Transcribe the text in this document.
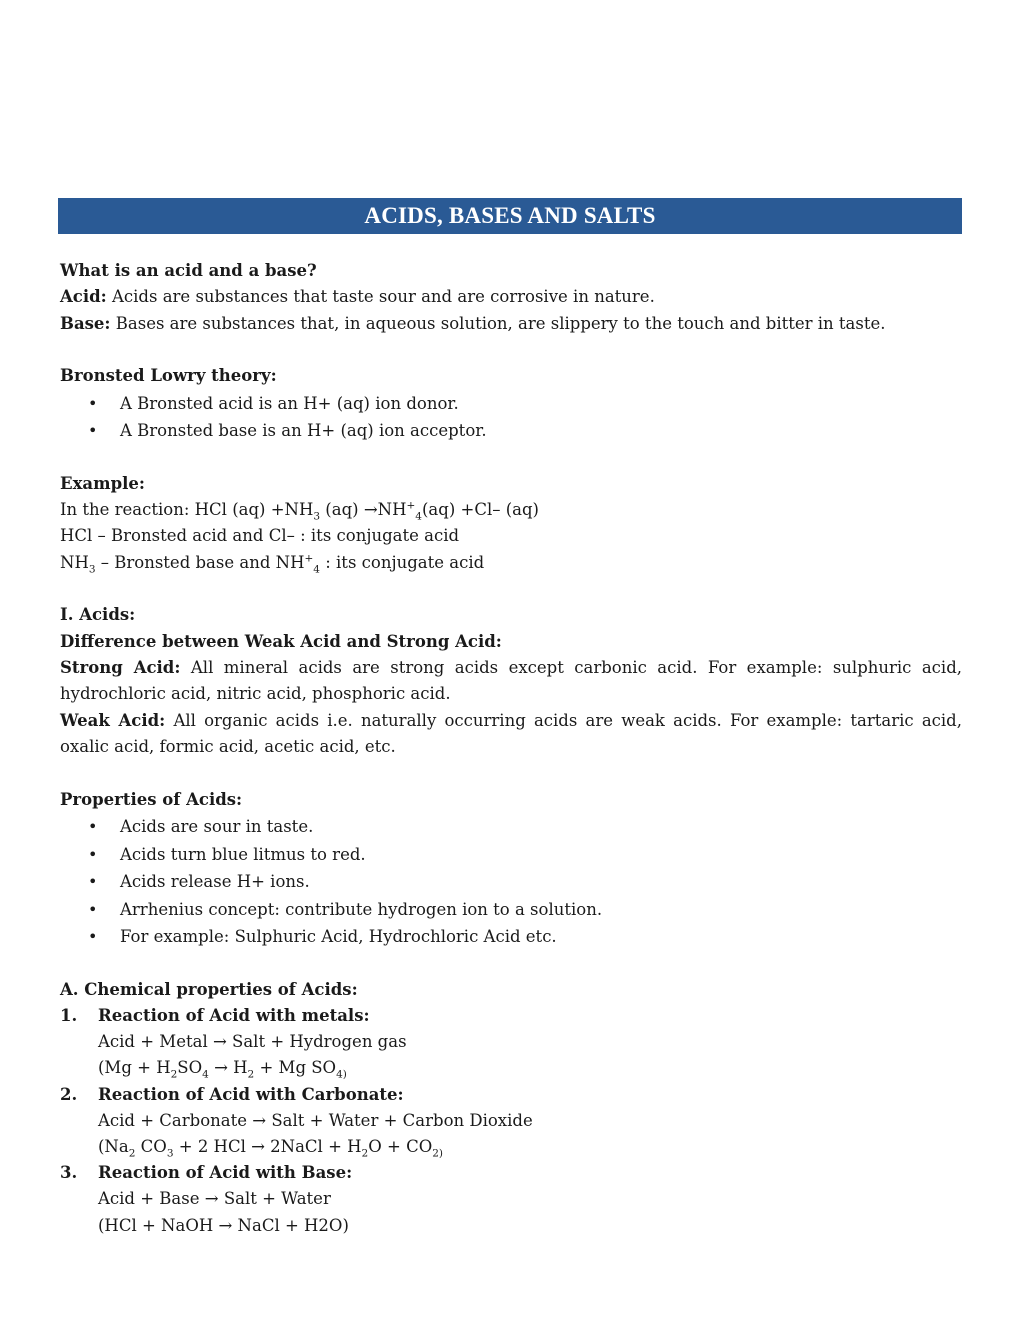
ACIDS, BASES AND SALTS

What is an acid and a base?

Acid: Acids are substances that taste sour and are corrosive in nature.

Base: Bases are substances that, in aqueous solution, are slippery to the touch and bitter in taste.

Bronsted Lowry theory:

• A Bronsted acid is an H+ (aq) ion donor.
• A Bronsted base is an H+ (aq) ion acceptor.

Example:

In the reaction: HCl $(aq) +NH_3$ $(aq) \to NH^+_4(aq) +Cl-$ (aq)

HCl – Bronsted acid and Cl– : its conjugate acid

$NH_3$ – Bronsted base and $NH^+_4$ : its conjugate acid

I. Acids:

Difference between Weak Acid and Strong Acid:

Strong Acid: All mineral acids are strong acids except carbonic acid. For example: sulphuric acid, hydrochloric acid, nitric acid, phosphoric acid.

Weak Acid: All organic acids i.e. naturally occurring acids are weak acids. For example: tartaric acid, oxalic acid, formic acid, acetic acid, etc.

Properties of Acids:

• Acids are sour in taste.
• Acids turn blue litmus to red.
• Acids release H+ ions.
• Arrhenius concept: contribute hydrogen ion to a solution.
• For example: Sulphuric Acid, Hydrochloric Acid etc.

A. Chemical properties of Acids:

1. Reaction of Acid with metals:

Acid + Metal → Salt + Hydrogen gas

($Mg + H_2SO_4 \to H_2 + Mg$ $SO_{4)}$

2. Reaction of Acid with Carbonate:

Acid + Carbonate → Salt + Water + Carbon Dioxide

($Na_2$ $CO_3 + 2$ HCl → 2NaCl + $H_2O + CO_{2)}$

3. Reaction of Acid with Base:

Acid + Base → Salt + Water

(HCl + NaOH → NaCl + H2O)
